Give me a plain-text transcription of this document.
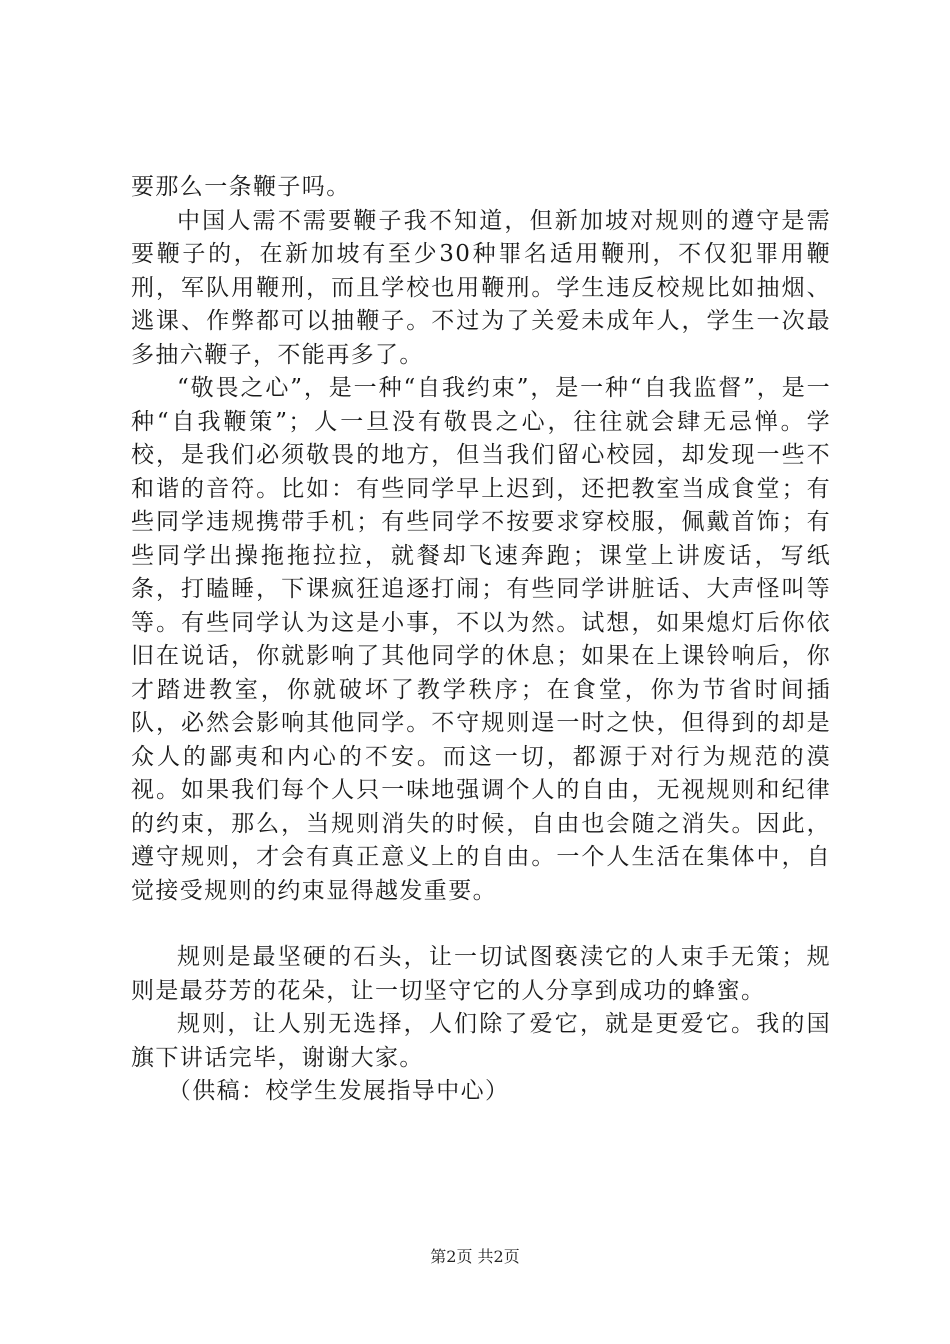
要那么一条鞭子吗。

中国人需不需要鞭子我不知道，但新加坡对规则的遵守是需要鞭子的，在新加坡有至少30种罪名适用鞭刑，不仅犯罪用鞭刑，军队用鞭刑，而且学校也用鞭刑。学生违反校规比如抽烟、逃课、作弊都可以抽鞭子。不过为了关爱未成年人，学生一次最多抽六鞭子，不能再多了。

“敬畏之心”，是一种“自我约束”，是一种“自我监督”，是一种“自我鞭策”；人一旦没有敬畏之心，往往就会肆无忌惮。学校，是我们必须敬畏的地方，但当我们留心校园，却发现一些不和谐的音符。比如：有些同学早上迟到，还把教室当成食堂；有些同学违规携带手机；有些同学不按要求穿校服，佩戴首饰；有些同学出操拖拖拉拉，就餐却飞速奔跑；课堂上讲废话，写纸条，打瞌睡，下课疯狂追逐打闹；有些同学讲脏话、大声怪叫等等。有些同学认为这是小事，不以为然。试想，如果熄灯后你依旧在说话，你就影响了其他同学的休息；如果在上课铃响后，你才踏进教室，你就破坏了教学秩序；在食堂，你为节省时间插队，必然会影响其他同学。不守规则逞一时之快，但得到的却是众人的鄙夷和内心的不安。而这一切，都源于对行为规范的漠视。如果我们每个人只一味地强调个人的自由，无视规则和纪律的约束，那么，当规则消失的时候，自由也会随之消失。因此，遵守规则，才会有真正意义上的自由。一个人生活在集体中，自觉接受规则的约束显得越发重要。

规则是最坚硬的石头，让一切试图亵渎它的人束手无策；规则是最芬芳的花朵，让一切坚守它的人分享到成功的蜂蜜。

规则，让人别无选择，人们除了爱它，就是更爱它。我的国旗下讲话完毕，谢谢大家。

（供稿：校学生发展指导中心）

第2页 共2页
